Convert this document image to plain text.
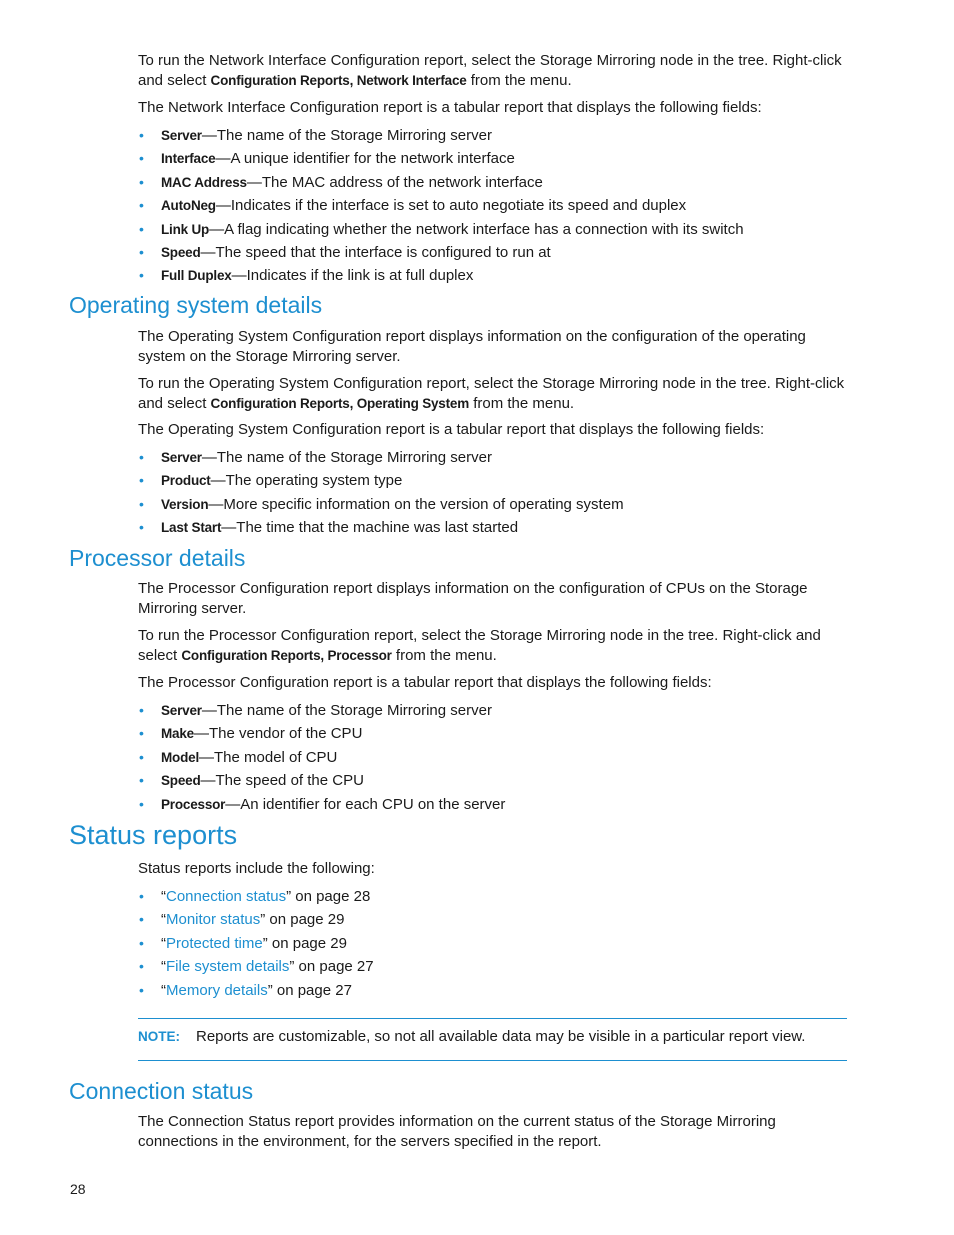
To run the Network Interface Configuration report, select the Storage Mirroring node in the tree. Right-click and select Configuration Reports, Network Interface from the menu.

The Network Interface Configuration report is a tabular report that displays the following fields:

• Server—The name of the Storage Mirroring server
• Interface—A unique identifier for the network interface
• MAC Address—The MAC address of the network interface
• AutoNeg—Indicates if the interface is set to auto negotiate its speed and duplex
• Link Up—A flag indicating whether the network interface has a connection with its switch
• Speed—The speed that the interface is configured to run at
• Full Duplex—Indicates if the link is at full duplex
Operating system details

The Operating System Configuration report displays information on the configuration of the operating system on the Storage Mirroring server.

To run the Operating System Configuration report, select the Storage Mirroring node in the tree. Right-click and select Configuration Reports, Operating System from the menu.

The Operating System Configuration report is a tabular report that displays the following fields:

• Server—The name of the Storage Mirroring server
• Product—The operating system type
• Version—More specific information on the version of operating system
• Last Start—The time that the machine was last started
Processor details

The Processor Configuration report displays information on the configuration of CPUs on the Storage Mirroring server.

To run the Processor Configuration report, select the Storage Mirroring node in the tree. Right-click and select Configuration Reports, Processor from the menu.

The Processor Configuration report is a tabular report that displays the following fields:

• Server—The name of the Storage Mirroring server
• Make—The vendor of the CPU
• Model—The model of CPU
• Speed—The speed of the CPU
• Processor—An identifier for each CPU on the server
Status reports

Status reports include the following:

• “Connection status” on page 28
• “Monitor status” on page 29
• “Protected time” on page 29
• “File system details” on page 27
• “Memory details” on page 27
NOTE: Reports are customizable, so not all available data may be visible in a particular report view.
Connection status

The Connection Status report provides information on the current status of the Storage Mirroring connections in the environment, for the servers specified in the report.

28
